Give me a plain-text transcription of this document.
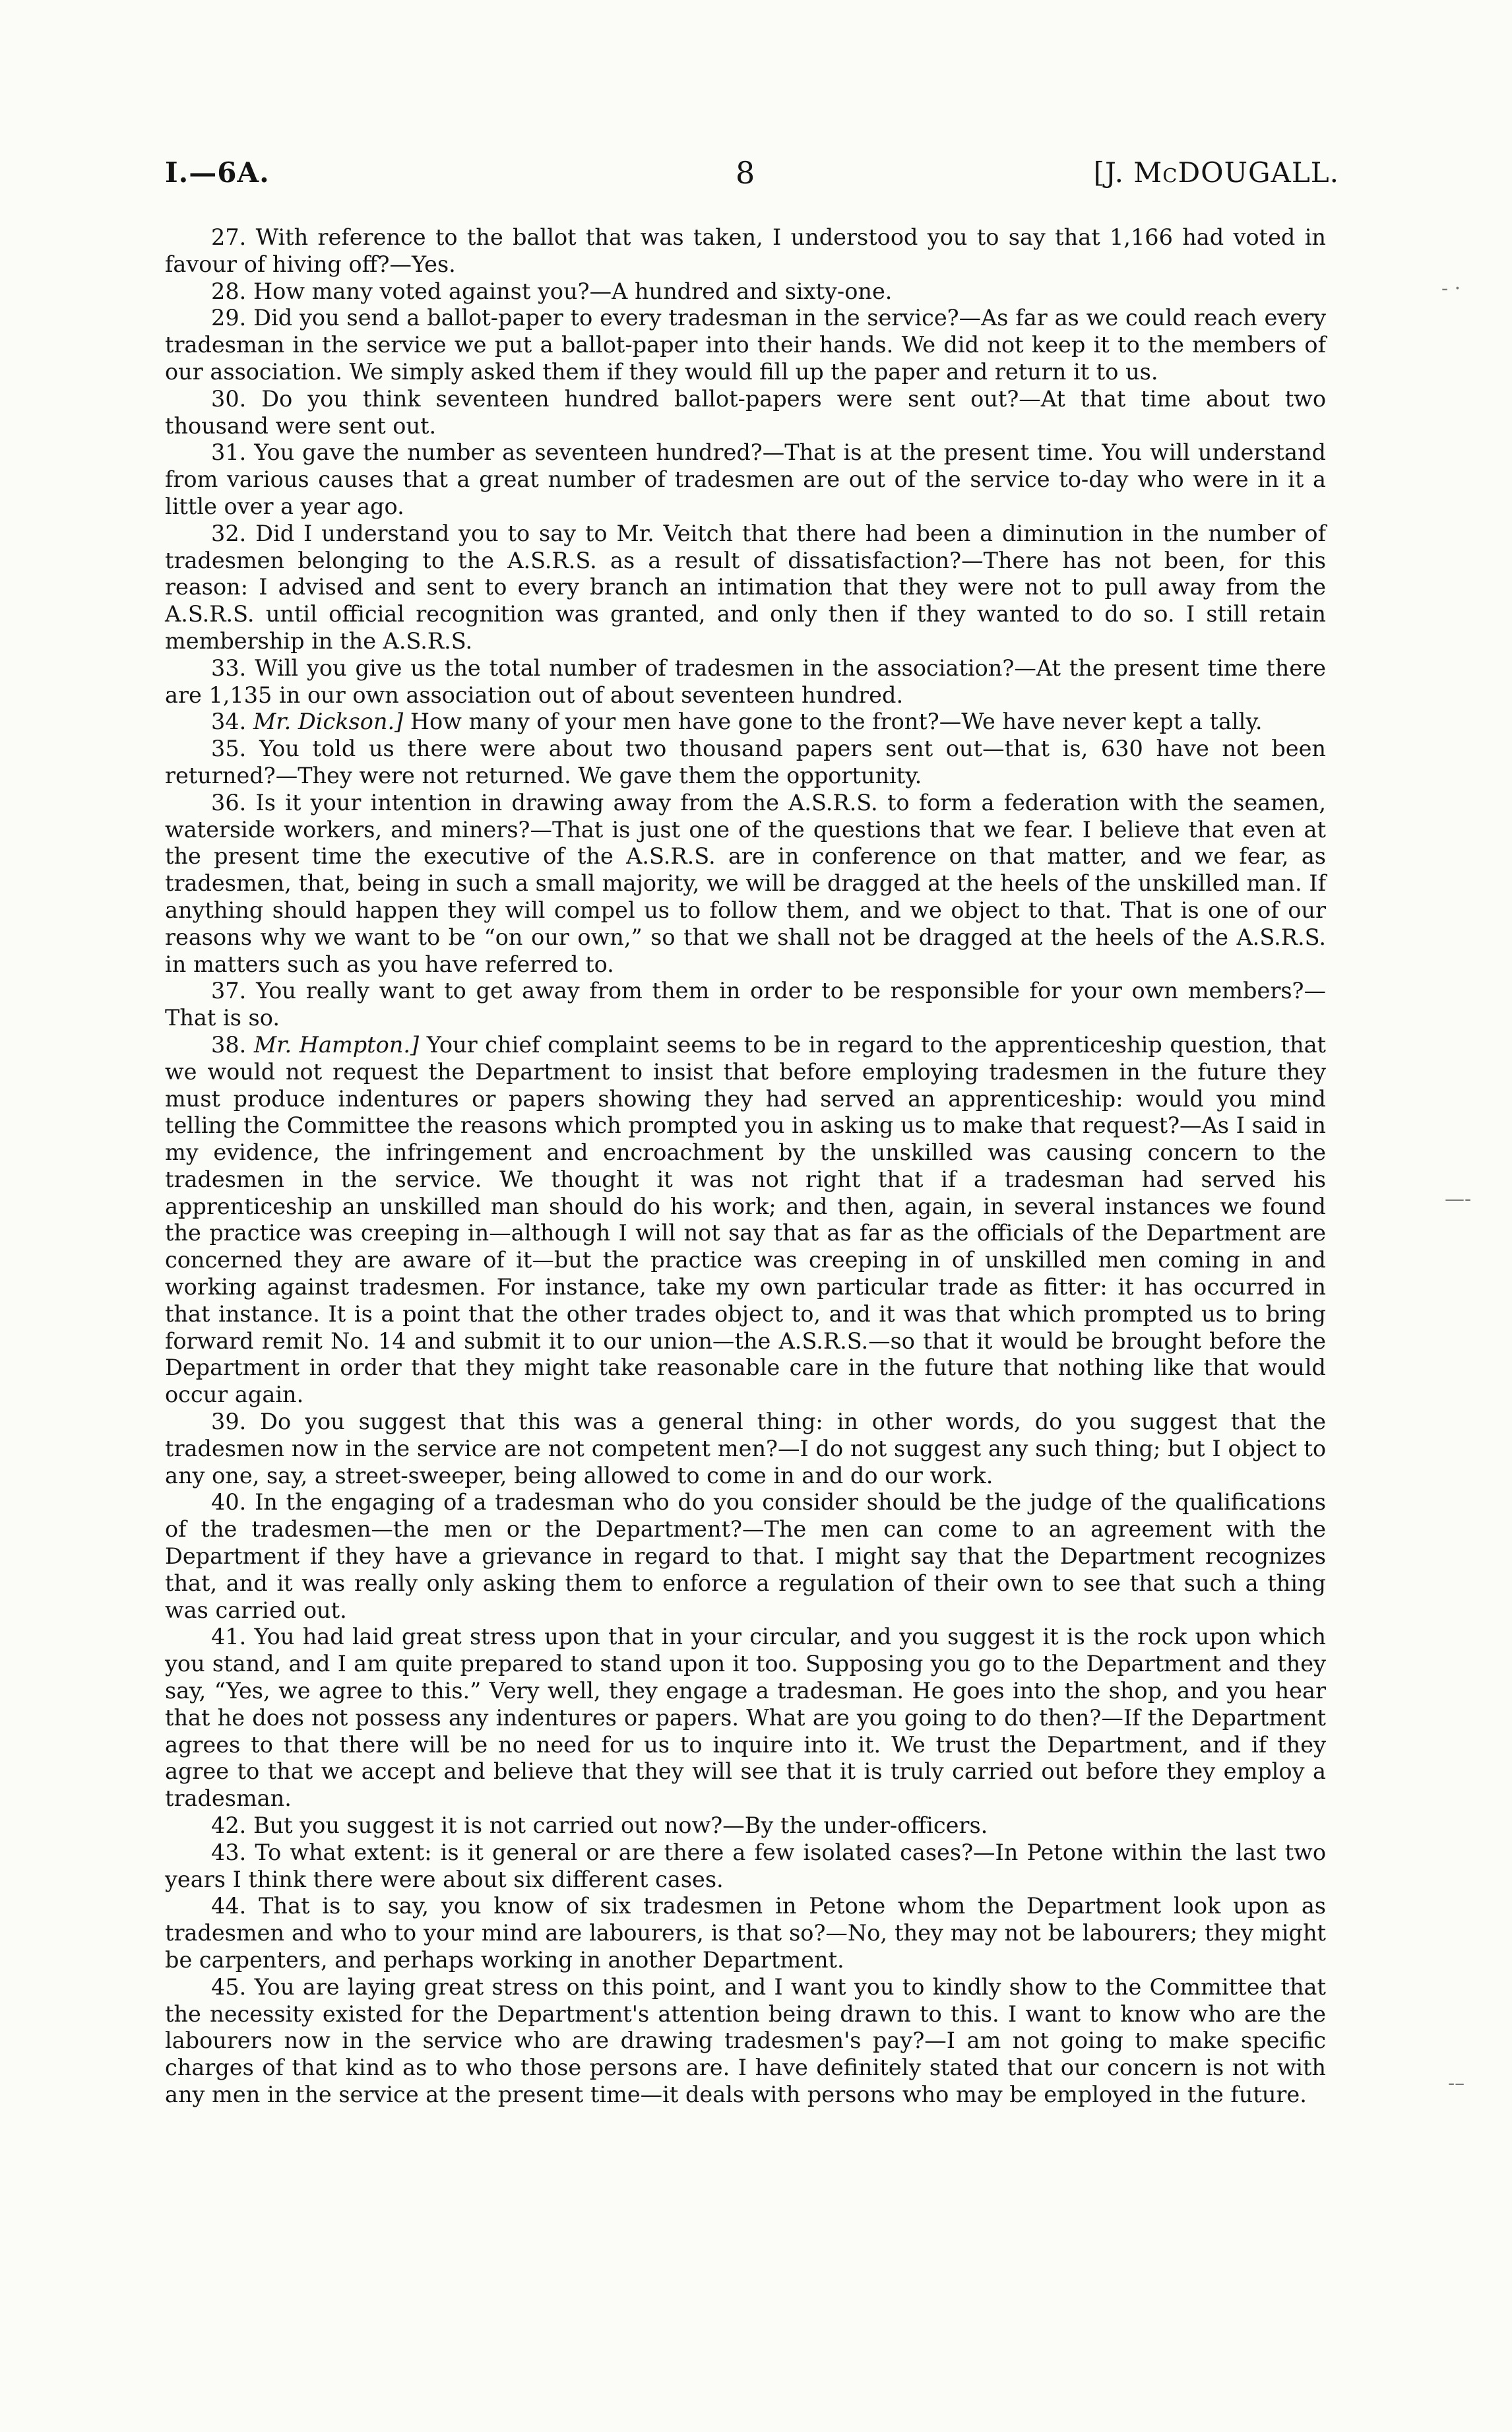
I.—6A.	8	[J. McDOUGALL.

27. With reference to the ballot that was taken, I understood you to say that 1,166 had voted in favour of hiving off?—Yes.

28. How many voted against you?—A hundred and sixty-one.

29. Did you send a ballot-paper to every tradesman in the service?—As far as we could reach every tradesman in the service we put a ballot-paper into their hands. We did not keep it to the members of our association. We simply asked them if they would fill up the paper and return it to us.

30. Do you think seventeen hundred ballot-papers were sent out?—At that time about two thousand were sent out.

31. You gave the number as seventeen hundred?—That is at the present time. You will understand from various causes that a great number of tradesmen are out of the service to-day who were in it a little over a year ago.

32. Did I understand you to say to Mr. Veitch that there had been a diminution in the number of tradesmen belonging to the A.S.R.S. as a result of dissatisfaction?—There has not been, for this reason: I advised and sent to every branch an intimation that they were not to pull away from the A.S.R.S. until official recognition was granted, and only then if they wanted to do so. I still retain membership in the A.S.R.S.

33. Will you give us the total number of tradesmen in the association?—At the present time there are 1,135 in our own association out of about seventeen hundred.

34. Mr. Dickson.] How many of your men have gone to the front?—We have never kept a tally.

35. You told us there were about two thousand papers sent out—that is, 630 have not been returned?—They were not returned. We gave them the opportunity.

36. Is it your intention in drawing away from the A.S.R.S. to form a federation with the seamen, waterside workers, and miners?—That is just one of the questions that we fear. I believe that even at the present time the executive of the A.S.R.S. are in conference on that matter, and we fear, as tradesmen, that, being in such a small majority, we will be dragged at the heels of the unskilled man. If anything should happen they will compel us to follow them, and we object to that. That is one of our reasons why we want to be “on our own,” so that we shall not be dragged at the heels of the A.S.R.S. in matters such as you have referred to.

37. You really want to get away from them in order to be responsible for your own members?—That is so.

38. Mr. Hampton.] Your chief complaint seems to be in regard to the apprenticeship question, that we would not request the Department to insist that before employing tradesmen in the future they must produce indentures or papers showing they had served an apprenticeship: would you mind telling the Committee the reasons which prompted you in asking us to make that request?—As I said in my evidence, the infringement and encroachment by the unskilled was causing concern to the tradesmen in the service. We thought it was not right that if a tradesman had served his apprenticeship an unskilled man should do his work; and then, again, in several instances we found the practice was creeping in—although I will not say that as far as the officials of the Department are concerned they are aware of it—but the practice was creeping in of unskilled men coming in and working against tradesmen. For instance, take my own particular trade as fitter: it has occurred in that instance. It is a point that the other trades object to, and it was that which prompted us to bring forward remit No. 14 and submit it to our union—the A.S.R.S.—so that it would be brought before the Department in order that they might take reasonable care in the future that nothing like that would occur again.

39. Do you suggest that this was a general thing: in other words, do you suggest that the tradesmen now in the service are not competent men?—I do not suggest any such thing; but I object to any one, say, a street-sweeper, being allowed to come in and do our work.

40. In the engaging of a tradesman who do you consider should be the judge of the qualifications of the tradesmen—the men or the Department?—The men can come to an agreement with the Department if they have a grievance in regard to that. I might say that the Department recognizes that, and it was really only asking them to enforce a regulation of their own to see that such a thing was carried out.

41. You had laid great stress upon that in your circular, and you suggest it is the rock upon which you stand, and I am quite prepared to stand upon it too. Supposing you go to the Department and they say, “Yes, we agree to this.” Very well, they engage a tradesman. He goes into the shop, and you hear that he does not possess any indentures or papers. What are you going to do then?—If the Department agrees to that there will be no need for us to inquire into it. We trust the Department, and if they agree to that we accept and believe that they will see that it is truly carried out before they employ a tradesman.

42. But you suggest it is not carried out now?—By the under-officers.

43. To what extent: is it general or are there a few isolated cases?—In Petone within the last two years I think there were about six different cases.

44. That is to say, you know of six tradesmen in Petone whom the Department look upon as tradesmen and who to your mind are labourers, is that so?—No, they may not be labourers; they might be carpenters, and perhaps working in another Department.

45. You are laying great stress on this point, and I want you to kindly show to the Committee that the necessity existed for the Department's attention being drawn to this. I want to know who are the labourers now in the service who are drawing tradesmen's pay?—I am not going to make specific charges of that kind as to who those persons are. I have definitely stated that our concern is not with any men in the service at the present time—it deals with persons who may be employed in the future.

‐ ·
—‐
‐–
